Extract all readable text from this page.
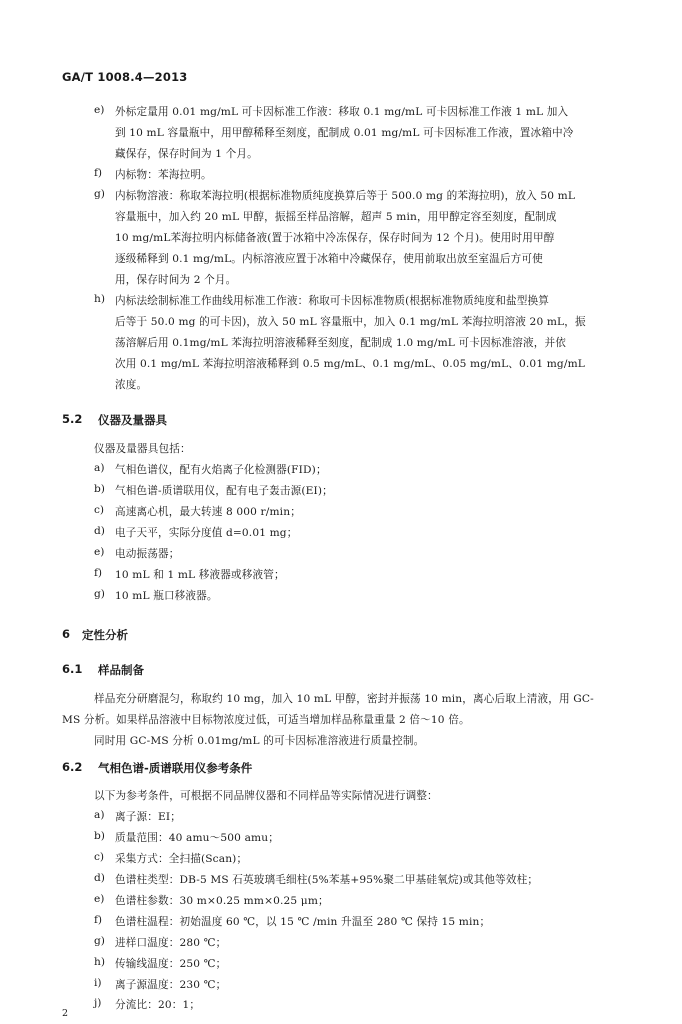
GA/T 1008.4—2013
e) 外标定量用 0.01 mg/mL 可卡因标准工作液：移取 0.1 mg/mL 可卡因标准工作液 1 mL 加入
到 10 mL 容量瓶中，用甲醇稀释至刻度，配制成 0.01 mg/mL 可卡因标准工作液，置冰箱中冷
藏保存，保存时间为 1 个月。
f) 内标物：苯海拉明。
g) 内标物溶液：称取苯海拉明(根据标准物质纯度换算后等于 500.0 mg 的苯海拉明)，放入 50 mL
容量瓶中，加入约 20 mL 甲醇，振摇至样品溶解，超声 5 min，用甲醇定容至刻度，配制成
10 mg/mL苯海拉明内标储备液(置于冰箱中冷冻保存，保存时间为 12 个月)。使用时用甲醇
逐级稀释到 0.1 mg/mL。内标溶液应置于冰箱中冷藏保存，使用前取出放至室温后方可使
用，保存时间为 2 个月。
h) 内标法绘制标准工作曲线用标准工作液：称取可卡因标准物质(根据标准物质纯度和盐型换算
后等于 50.0 mg 的可卡因)，放入 50 mL 容量瓶中，加入 0.1 mg/mL 苯海拉明溶液 20 mL，振
荡溶解后用 0.1mg/mL 苯海拉明溶液稀释至刻度，配制成 1.0 mg/mL 可卡因标准溶液，并依
次用 0.1 mg/mL 苯海拉明溶液稀释到 0.5 mg/mL、0.1 mg/mL、0.05 mg/mL、0.01 mg/mL
浓度。
5.2 仪器及量器具
仪器及量器具包括：
a) 气相色谱仪，配有火焰离子化检测器(FID)；
b) 气相色谱-质谱联用仪，配有电子轰击源(EI)；
c) 高速离心机，最大转速 8 000 r/min；
d) 电子天平，实际分度值 d=0.01 mg；
e) 电动振荡器；
f) 10 mL 和 1 mL 移液器或移液管；
g) 10 mL 瓶口移液器。
6 定性分析
6.1 样品制备
样品充分研磨混匀，称取约 10 mg，加入 10 mL 甲醇，密封并振荡 10 min，离心后取上清液，用 GC-
MS 分析。如果样品溶液中目标物浓度过低，可适当增加样品称量重量 2 倍～10 倍。
同时用 GC-MS 分析 0.01mg/mL 的可卡因标准溶液进行质量控制。
6.2 气相色谱-质谱联用仪参考条件
以下为参考条件，可根据不同品牌仪器和不同样品等实际情况进行调整：
a) 离子源：EI；
b) 质量范围：40 amu～500 amu；
c) 采集方式：全扫描(Scan)；
d) 色谱柱类型：DB-5 MS 石英玻璃毛细柱(5%苯基+95%聚二甲基硅氧烷)或其他等效柱；
e) 色谱柱参数：30 m×0.25 mm×0.25 μm；
f) 色谱柱温程：初始温度 60 ℃，以 15 ℃ /min 升温至 280 ℃ 保持 15 min；
g) 进样口温度：280 ℃；
h) 传输线温度：250 ℃；
i) 离子源温度：230 ℃；
j) 分流比：20：1；
2
